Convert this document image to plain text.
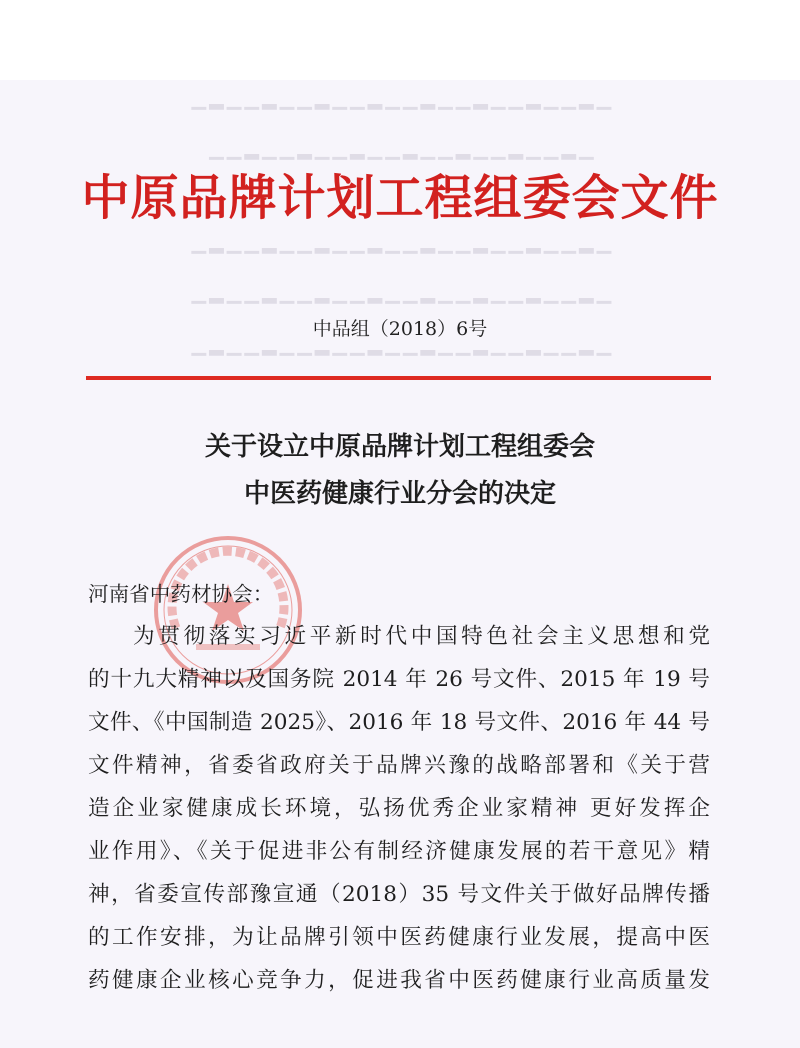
▁▂▁▁▂▁▁▂▁▁▂▁▁▂▁▁▂▁▁▂▁▁▂▁
▁▂▁▁▂▁▁▂▁▁▂▁▁▂▁▁▂▁▁▂▁▁
▁▂▁▁▂▁▁▂▁▁▂▁▁▂▁▁▂▁▁▂▁▁▂▁
▁▂▁▁▂▁▁▂▁▁▂▁▁▂▁▁▂▁▁▂▁▁▂▁
▁▂▁▁▂▁▁▂▁▁▂▁▁▂▁▁▂▁▁▂▁▁▂▁
中原品牌计划工程组委会文件
中品组（2018）6号
关于设立中原品牌计划工程组委会
中医药健康行业分会的决定
河南省中药材协会：
为贯彻落实习近平新时代中国特色社会主义思想和党
的十九大精神以及国务院 2014 年 26 号文件、2015 年 19 号
文件、《中国制造 2025》、2016 年 18 号文件、2016 年 44 号
文件精神，省委省政府关于品牌兴豫的战略部署和《关于营
造企业家健康成长环境，弘扬优秀企业家精神 更好发挥企
业作用》、《关于促进非公有制经济健康发展的若干意见》精
神，省委宣传部豫宣通（2018）35 号文件关于做好品牌传播
的工作安排，为让品牌引领中医药健康行业发展，提高中医
药健康企业核心竞争力，促进我省中医药健康行业高质量发
